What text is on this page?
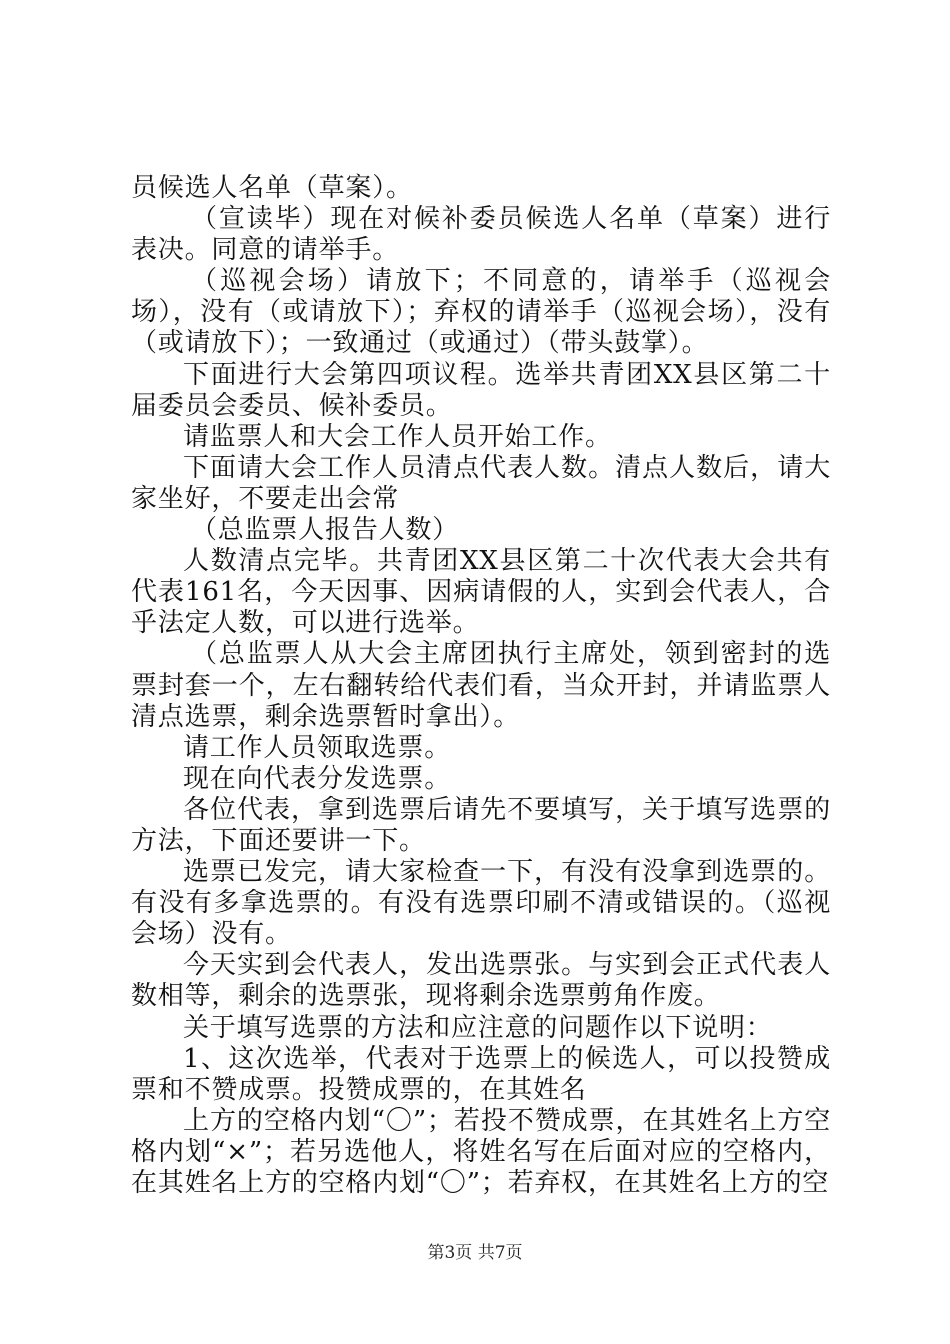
员候选人名单（草案）。

（宣读毕）现在对候补委员候选人名单（草案）进行表决。同意的请举手。

（巡视会场）请放下；不同意的，请举手（巡视会场），没有（或请放下）；弃权的请举手（巡视会场），没有（或请放下）；一致通过（或通过）（带头鼓掌）。

下面进行大会第四项议程。选举共青团XX县区第二十届委员会委员、候补委员。

请监票人和大会工作人员开始工作。

下面请大会工作人员清点代表人数。清点人数后，请大家坐好，不要走出会常

（总监票人报告人数）

人数清点完毕。共青团XX县区第二十次代表大会共有代表161名，今天因事、因病请假的人，实到会代表人，合乎法定人数，可以进行选举。

（总监票人从大会主席团执行主席处，领到密封的选票封套一个，左右翻转给代表们看，当众开封，并请监票人清点选票，剩余选票暂时拿出）。

请工作人员领取选票。

现在向代表分发选票。

各位代表，拿到选票后请先不要填写，关于填写选票的方法，下面还要讲一下。

选票已发完，请大家检查一下，有没有没拿到选票的。有没有多拿选票的。有没有选票印刷不清或错误的。（巡视会场）没有。

今天实到会代表人，发出选票张。与实到会正式代表人数相等，剩余的选票张，现将剩余选票剪角作废。

关于填写选票的方法和应注意的问题作以下说明：

1、这次选举，代表对于选票上的候选人，可以投赞成票和不赞成票。投赞成票的，在其姓名

上方的空格内划“〇”；若投不赞成票，在其姓名上方空格内划“×”；若另选他人，将姓名写在后面对应的空格内，在其姓名上方的空格内划“〇”；若弃权，在其姓名上方的空

第3页 共7页
